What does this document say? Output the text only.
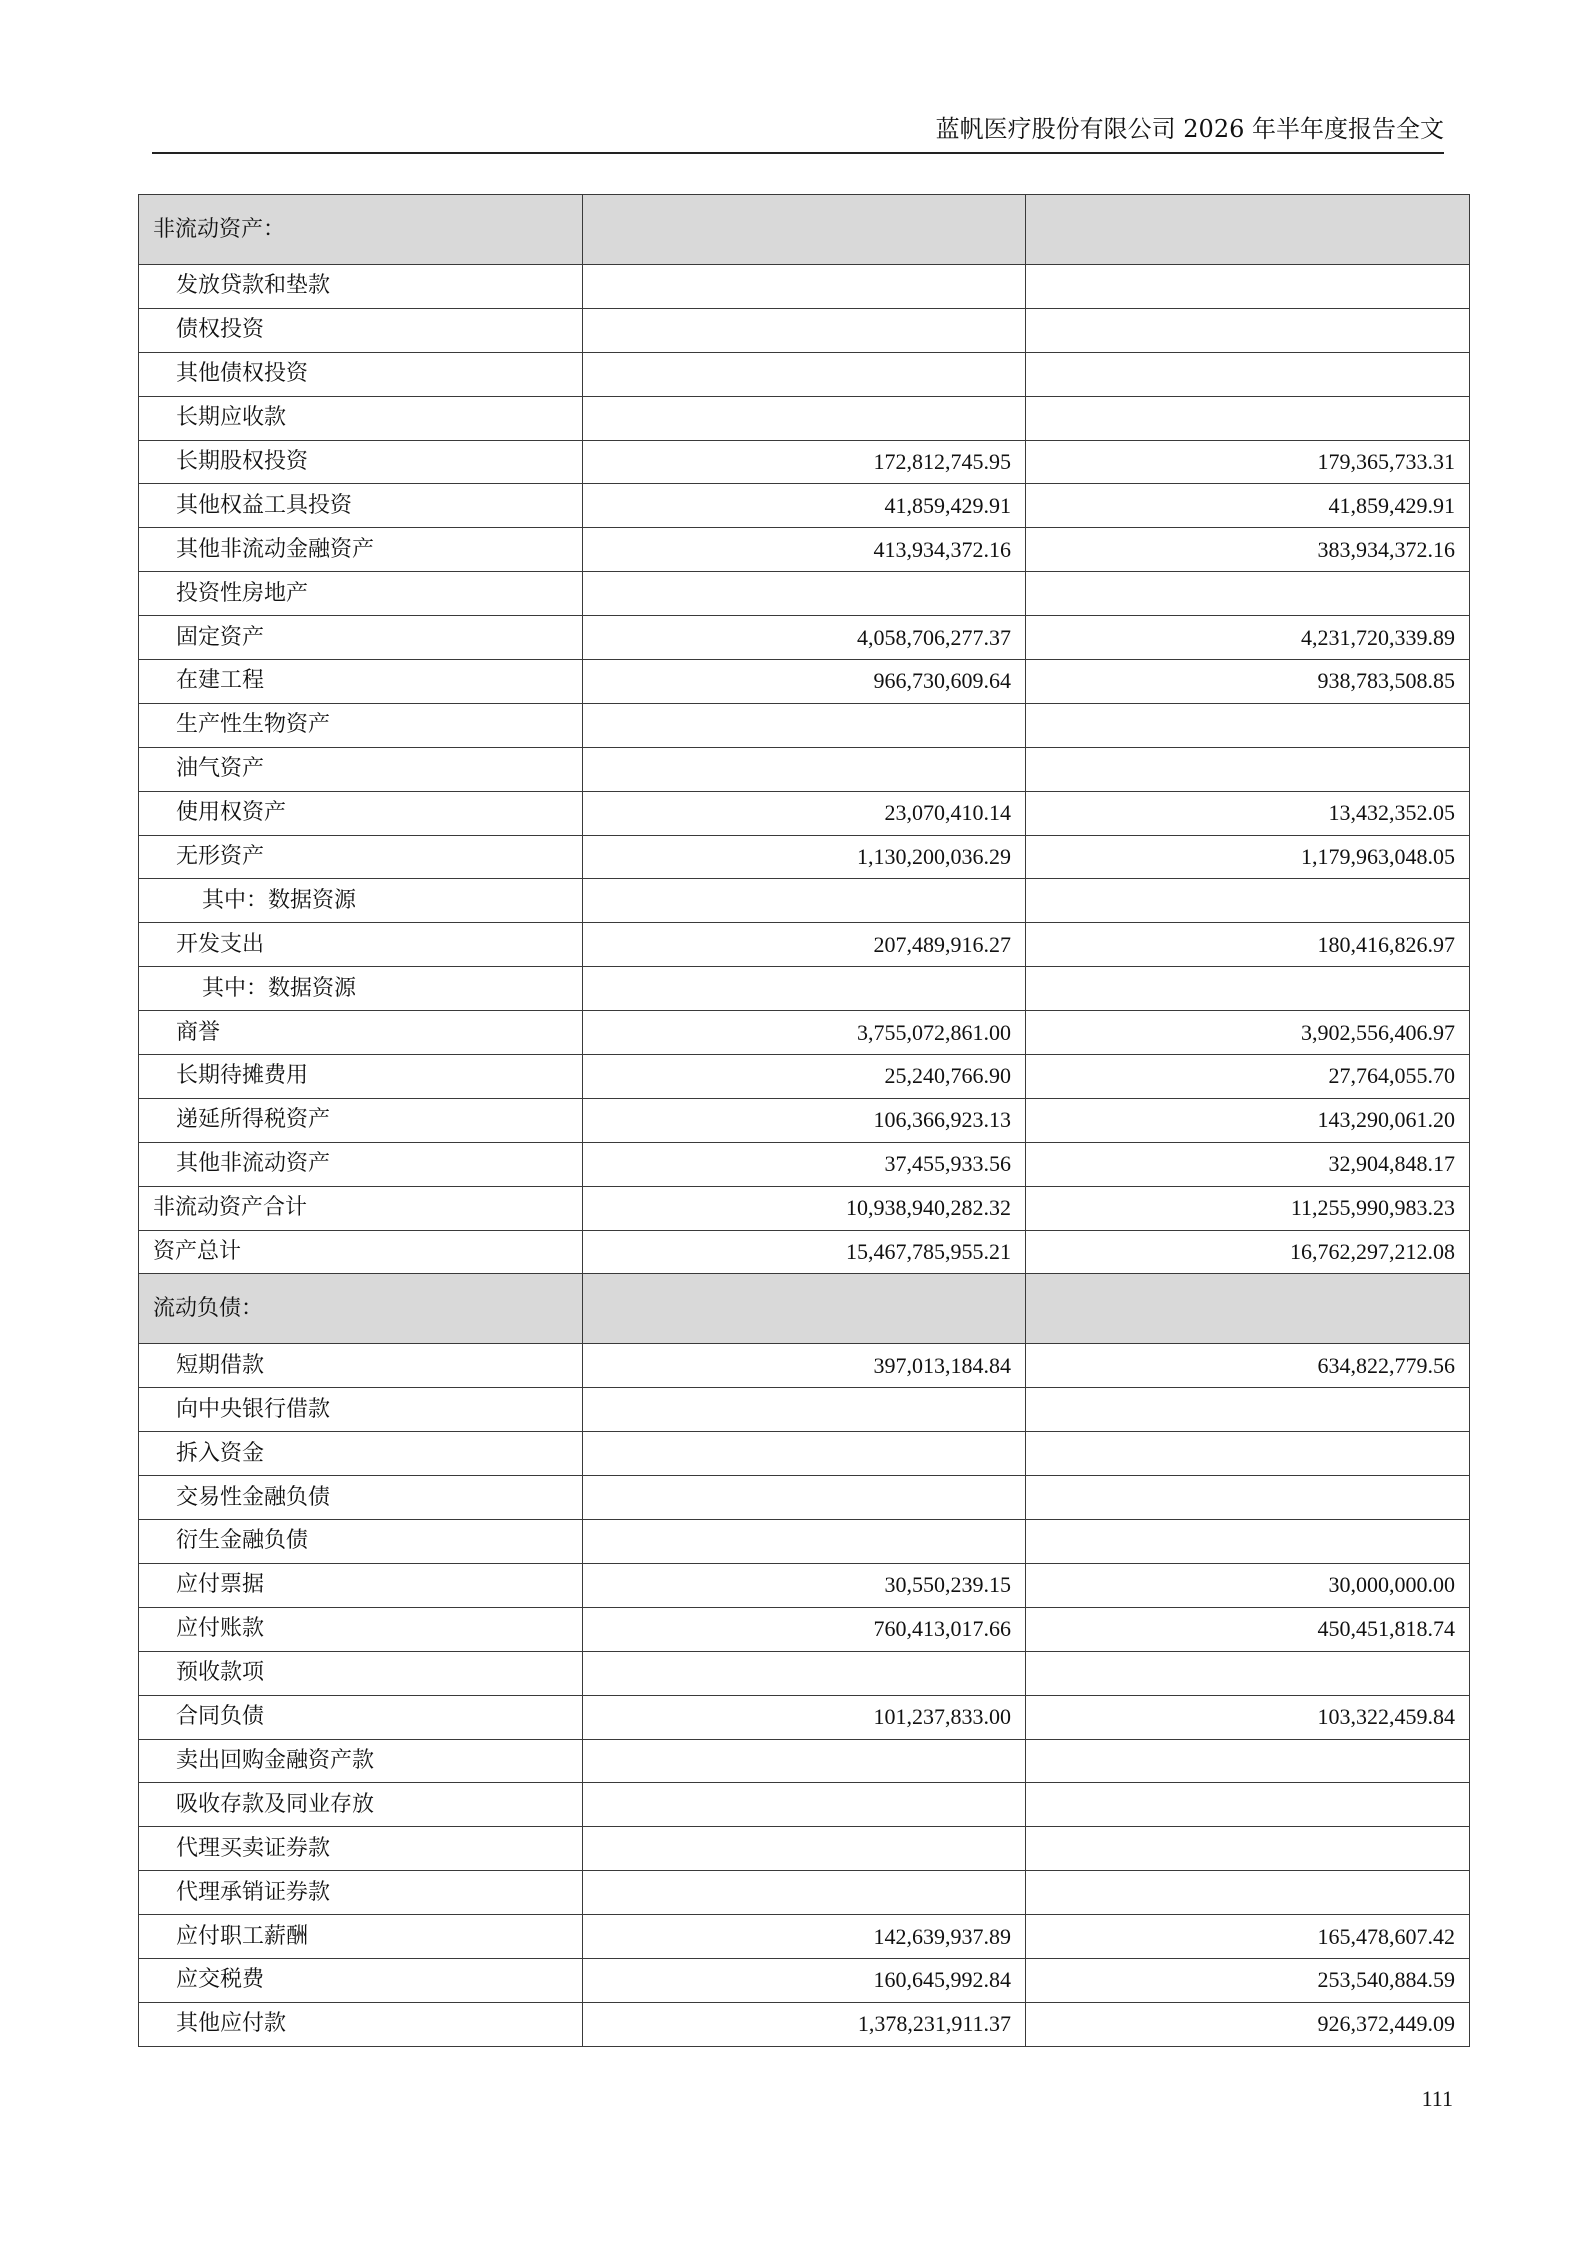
蓝帆医疗股份有限公司 2026 年半年度报告全文
非流动资产：		
发放贷款和垫款		
债权投资		
其他债权投资		
长期应收款		
长期股权投资	172,812,745.95	179,365,733.31
其他权益工具投资	41,859,429.91	41,859,429.91
其他非流动金融资产	413,934,372.16	383,934,372.16
投资性房地产		
固定资产	4,058,706,277.37	4,231,720,339.89
在建工程	966,730,609.64	938,783,508.85
生产性生物资产		
油气资产		
使用权资产	23,070,410.14	13,432,352.05
无形资产	1,130,200,036.29	1,179,963,048.05
其中：数据资源		
开发支出	207,489,916.27	180,416,826.97
其中：数据资源		
商誉	3,755,072,861.00	3,902,556,406.97
长期待摊费用	25,240,766.90	27,764,055.70
递延所得税资产	106,366,923.13	143,290,061.20
其他非流动资产	37,455,933.56	32,904,848.17
非流动资产合计	10,938,940,282.32	11,255,990,983.23
资产总计	15,467,785,955.21	16,762,297,212.08
流动负债：		
短期借款	397,013,184.84	634,822,779.56
向中央银行借款		
拆入资金		
交易性金融负债		
衍生金融负债		
应付票据	30,550,239.15	30,000,000.00
应付账款	760,413,017.66	450,451,818.74
预收款项		
合同负债	101,237,833.00	103,322,459.84
卖出回购金融资产款		
吸收存款及同业存放		
代理买卖证券款		
代理承销证券款		
应付职工薪酬	142,639,937.89	165,478,607.42
应交税费	160,645,992.84	253,540,884.59
其他应付款	1,378,231,911.37	926,372,449.09
111
